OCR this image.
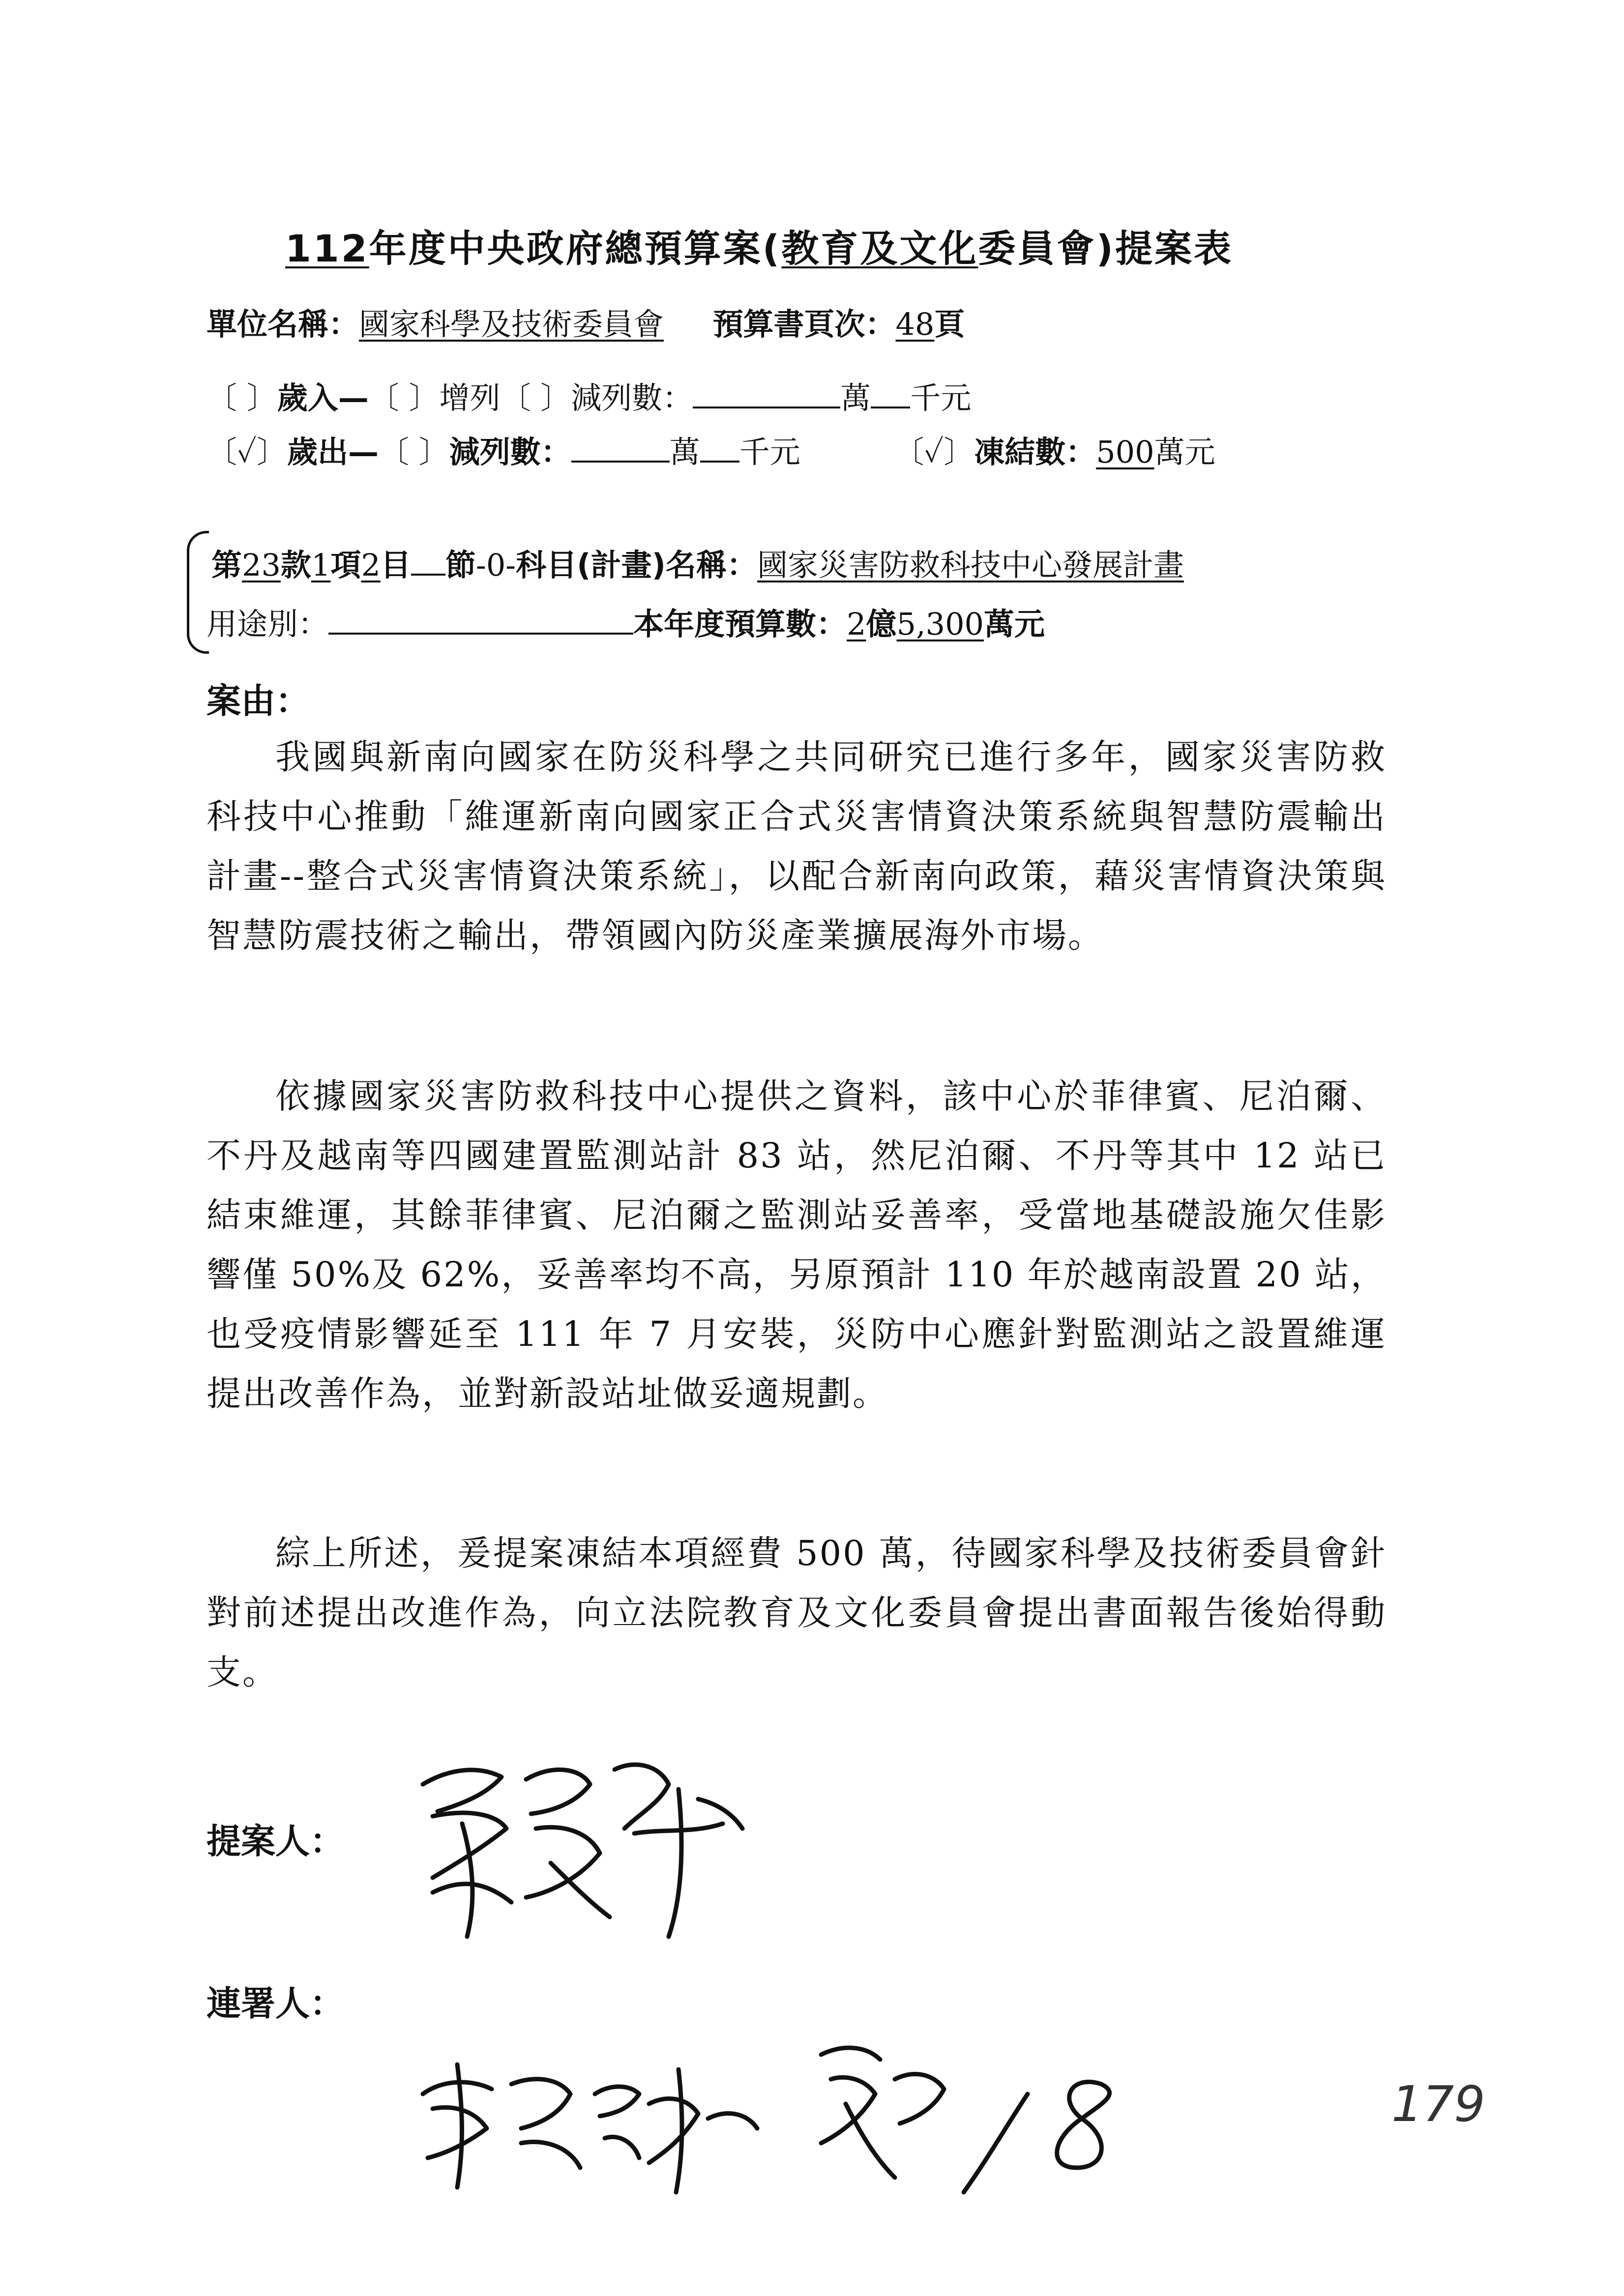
112年度中央政府總預算案(教育及文化委員會)提案表
單位名稱：國家科學及技術委員會 預算書頁次：48頁
〔 〕歲入—〔 〕增列〔 〕減列數：	萬 千元
〔✓〕歲出—〔 〕減列數：	萬 千元	〔✓〕凍結數：500萬元
第23款1項2目 節-0-科目(計畫)名稱：國家災害防救科技中心發展計畫
用途別：	本年度預算數：2億5,300萬元
案由：

我國與新南向國家在防災科學之共同研究已進行多年，國家災害防救科技中心推動「維運新南向國家正合式災害情資決策系統與智慧防震輸出計畫--整合式災害情資決策系統」，以配合新南向政策，藉災害情資決策與智慧防震技術之輸出，帶領國內防災產業擴展海外市場。

依據國家災害防救科技中心提供之資料，該中心於菲律賓、尼泊爾、不丹及越南等四國建置監測站計 83 站，然尼泊爾、不丹等其中 12 站已結束維運，其餘菲律賓、尼泊爾之監測站妥善率，受當地基礎設施欠佳影響僅 50%及 62%，妥善率均不高，另原預計 110 年於越南設置 20 站，也受疫情影響延至 111 年 7 月安裝，災防中心應針對監測站之設置維運提出改善作為，並對新設站址做妥適規劃。

綜上所述，爰提案凍結本項經費 500 萬，待國家科學及技術委員會針對前述提出改進作為，向立法院教育及文化委員會提出書面報告後始得動支。

提案人：
連署人：
179
